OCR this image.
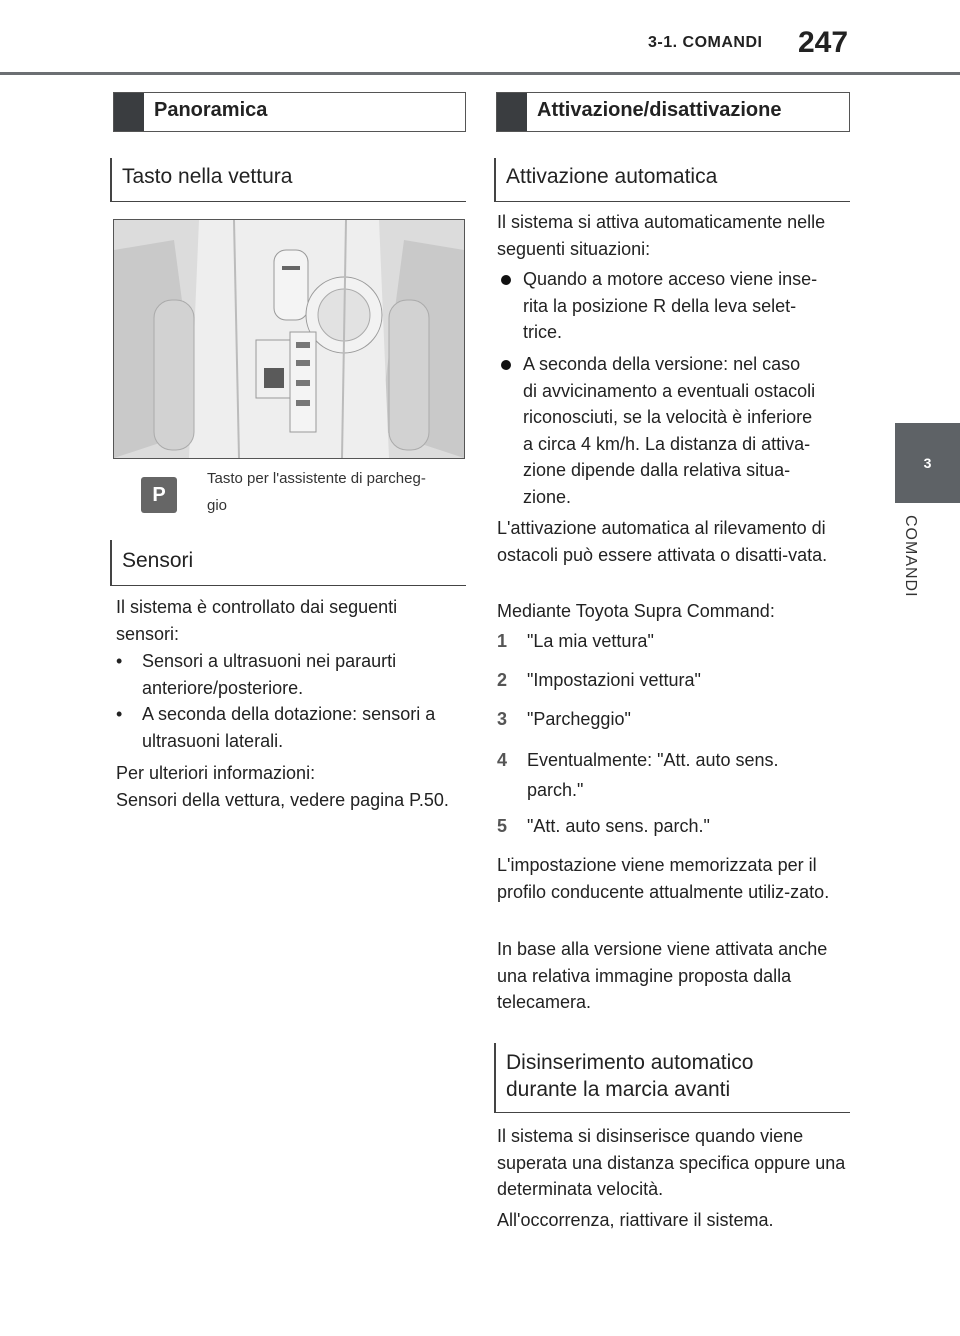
3-1. COMANDI 247
3
COMANDI
Panoramica
Tasto nella vettura
P
Tasto per l'assistente di parcheg-
gio
Sensori
Il sistema è controllato dai seguenti sensori:
• Sensori a ultrasuoni nei paraurti anteriore/posteriore.
• A seconda della dotazione: sensori a ultrasuoni laterali.
Per ulteriori informazioni:
Sensori della vettura, vedere pagina P.50.
Attivazione/disattivazione
Attivazione automatica
Il sistema si attiva automaticamente nelle seguenti situazioni:
Quando a motore acceso viene inse-
rita la posizione R della leva selet-
trice.
A seconda della versione: nel caso
di avvicinamento a eventuali ostacoli
riconosciuti, se la velocità è inferiore
a circa 4 km/h. La distanza di attiva-
zione dipende dalla relativa situa-
zione.
L'attivazione automatica al rilevamento di ostacoli può essere attivata o disatti-vata.
Mediante Toyota Supra Command:
1 "La mia vettura"
2 "Impostazioni vettura"
3 "Parcheggio"
4 Eventualmente: "Att. auto sens.
parch."
5 "Att. auto sens. parch."
L'impostazione viene memorizzata per il profilo conducente attualmente utiliz-zato.
In base alla versione viene attivata anche una relativa immagine proposta dalla telecamera.
Disinserimento automatico
durante la marcia avanti
Il sistema si disinserisce quando viene superata una distanza specifica oppure una determinata velocità.
All'occorrenza, riattivare il sistema.
